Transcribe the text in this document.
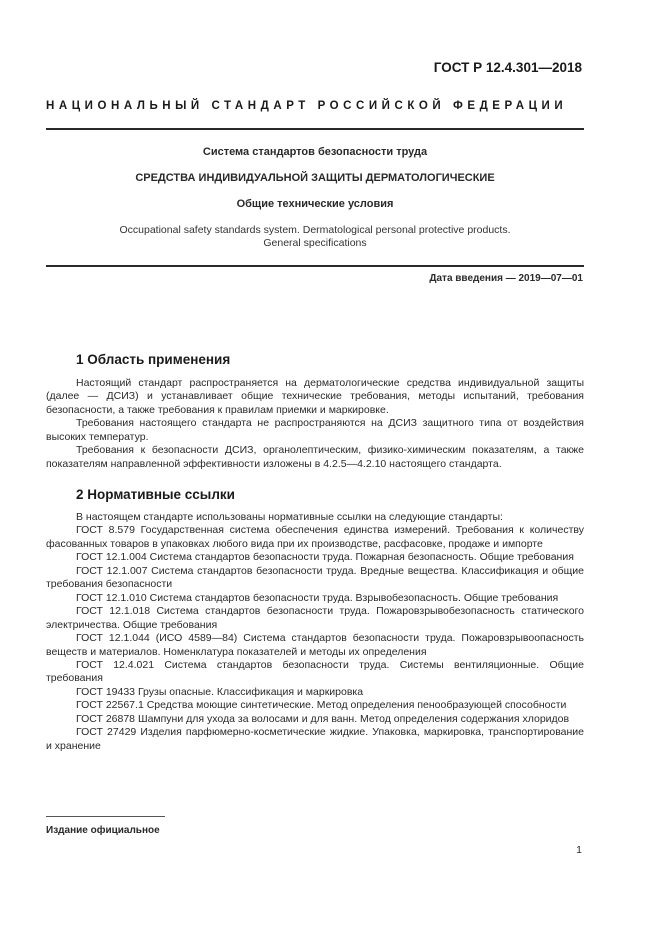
ГОСТ Р 12.4.301—2018
НАЦИОНАЛЬНЫЙ СТАНДАРТ РОССИЙСКОЙ ФЕДЕРАЦИИ
Система стандартов безопасности труда
СРЕДСТВА ИНДИВИДУАЛЬНОЙ ЗАЩИТЫ ДЕРМАТОЛОГИЧЕСКИЕ
Общие технические условия
Occupational safety standards system. Dermatological personal protective products.
General specifications
Дата введения — 2019—07—01
1 Область применения

Настоящий стандарт распространяется на дерматологические средства индивидуальной защиты (далее — ДСИЗ) и устанавливает общие технические требования, методы испытаний, требования безопасности, а также требования к правилам приемки и маркировке.

Требования настоящего стандарта не распространяются на ДСИЗ защитного типа от воздействия высоких температур.

Требования к безопасности ДСИЗ, органолептическим, физико-химическим показателям, а также показателям направленной эффективности изложены в 4.2.5—4.2.10 настоящего стандарта.

2 Нормативные ссылки

В настоящем стандарте использованы нормативные ссылки на следующие стандарты:

ГОСТ 8.579 Государственная система обеспечения единства измерений. Требования к количеству фасованных товаров в упаковках любого вида при их производстве, расфасовке, продаже и импорте

ГОСТ 12.1.004 Система стандартов безопасности труда. Пожарная безопасность. Общие требования

ГОСТ 12.1.007 Система стандартов безопасности труда. Вредные вещества. Классификация и общие требования безопасности

ГОСТ 12.1.010 Система стандартов безопасности труда. Взрывобезопасность. Общие требования

ГОСТ 12.1.018 Система стандартов безопасности труда. Пожаровзрывобезопасность статического электричества. Общие требования

ГОСТ 12.1.044 (ИСО 4589—84) Система стандартов безопасности труда. Пожаровзрывоопасность веществ и материалов. Номенклатура показателей и методы их определения

ГОСТ 12.4.021 Система стандартов безопасности труда. Системы вентиляционные. Общие требования

ГОСТ 19433 Грузы опасные. Классификация и маркировка

ГОСТ 22567.1 Средства моющие синтетические. Метод определения пенообразующей способности

ГОСТ 26878 Шампуни для ухода за волосами и для ванн. Метод определения содержания хлоридов

ГОСТ 27429 Изделия парфюмерно-косметические жидкие. Упаковка, маркировка, транспортирование и хранение

Издание официальное
1
